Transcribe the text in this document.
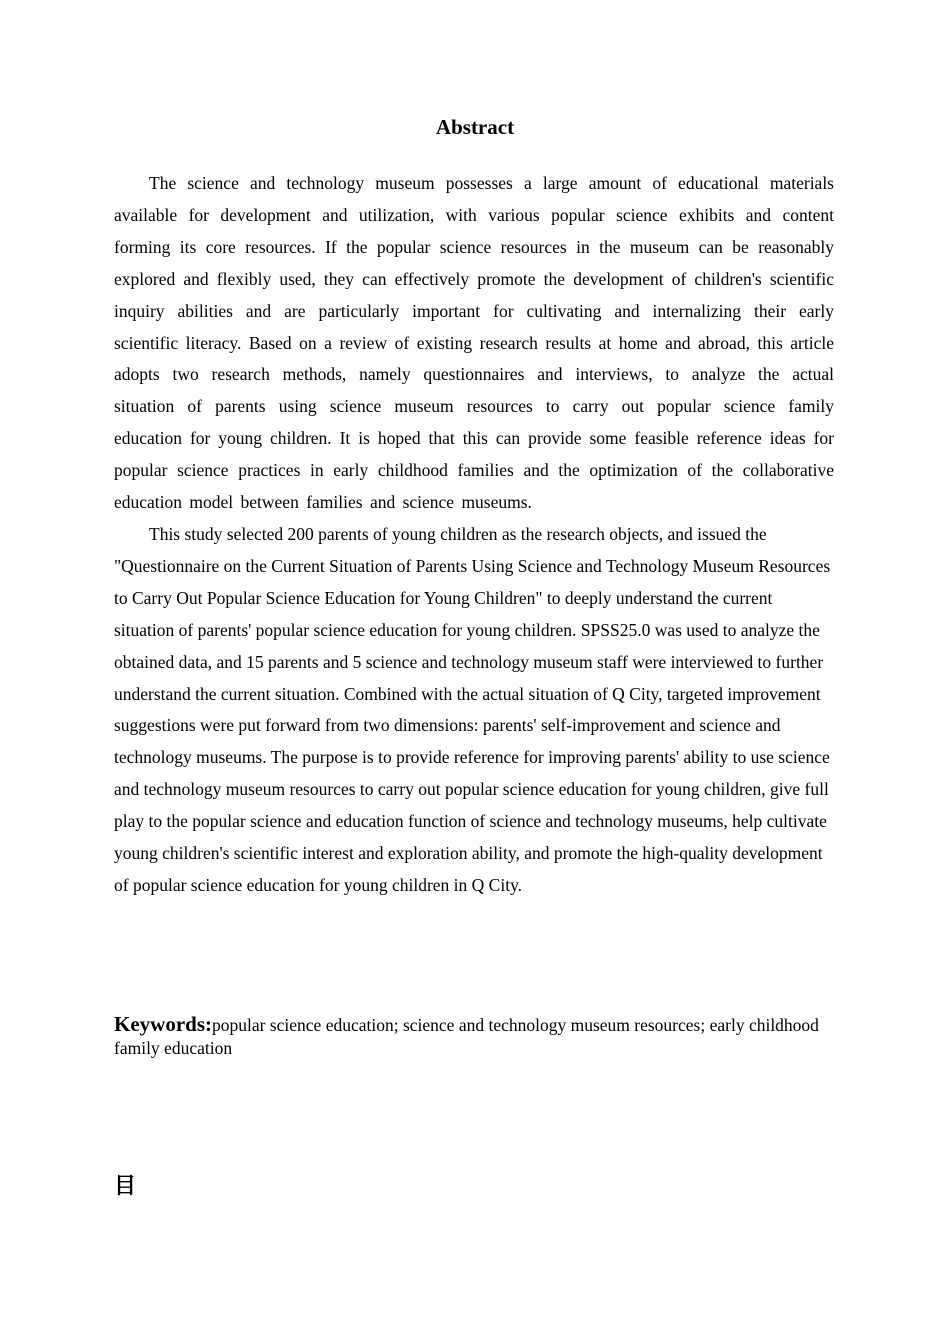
Abstract

The science and technology museum possesses a large amount of educational materials available for development and utilization, with various popular science exhibits and content forming its core resources. If the popular science resources in the museum can be reasonably explored and flexibly used, they can effectively promote the development of children's scientific inquiry abilities and are particularly important for cultivating and internalizing their early scientific literacy. Based on a review of existing research results at home and abroad, this article adopts two research methods, namely questionnaires and interviews, to analyze the actual situation of parents using science museum resources to carry out popular science family education for young children. It is hoped that this can provide some feasible reference ideas for popular science practices in early childhood families and the optimization of the collaborative education model between families and science museums.

This study selected 200 parents of young children as the research objects, and issued the "Questionnaire on the Current Situation of Parents Using Science and Technology Museum Resources to Carry Out Popular Science Education for Young Children" to deeply understand the current situation of parents' popular science education for young children. SPSS25.0 was used to analyze the obtained data, and 15 parents and 5 science and technology museum staff were interviewed to further understand the current situation. Combined with the actual situation of Q City, targeted improvement suggestions were put forward from two dimensions: parents' self-improvement and science and technology museums. The purpose is to provide reference for improving parents' ability to use science and technology museum resources to carry out popular science education for young children, give full play to the popular science and education function of science and technology museums, help cultivate young children's scientific interest and exploration ability, and promote the high-quality development of popular science education for young children in Q City.

Keywords:popular science education; science and technology museum resources; early childhood family education
目
